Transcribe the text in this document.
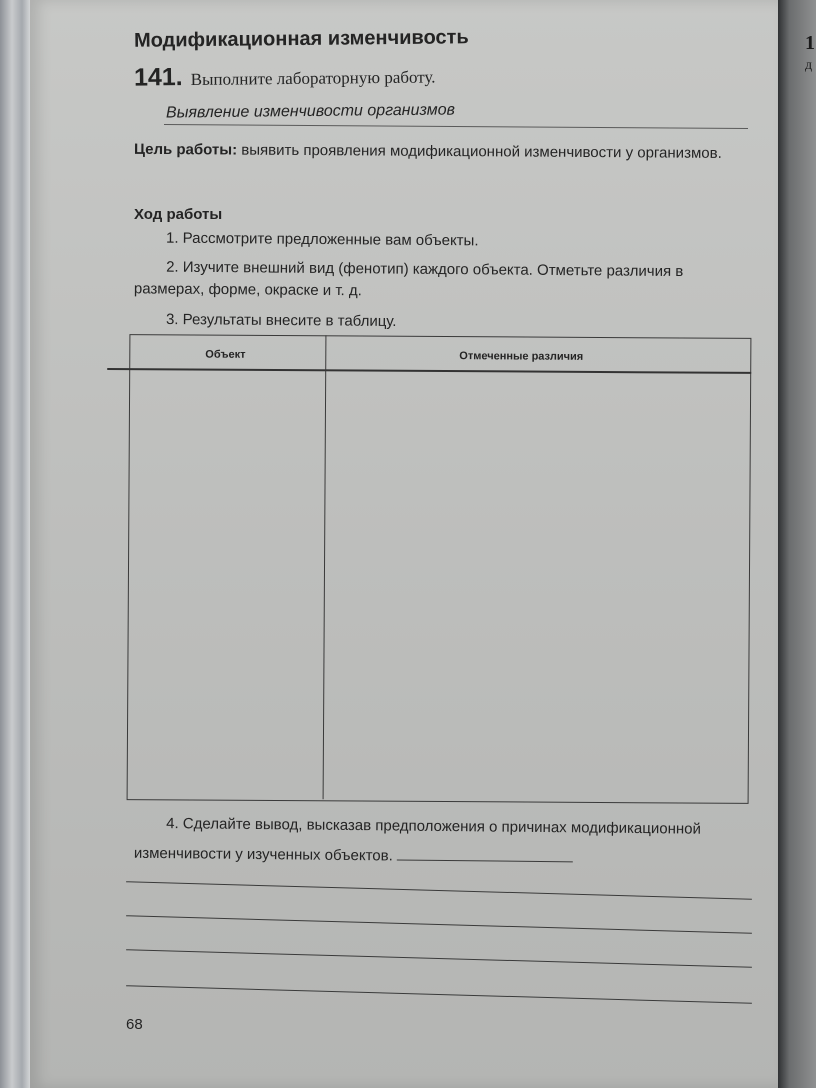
Модификационная изменчивость
141. Выполните лабораторную работу.
Выявление изменчивости организмов
Цель работы: выявить проявления модификационной изменчивости у организмов.
Ход работы
1. Рассмотрите предложенные вам объекты.
2. Изучите внешний вид (фенотип) каждого объекта. Отметьте различия в размерах, форме, окраске и т. д.
3. Результаты внесите в таблицу.
Объект	Отмеченные различия
4. Сделайте вывод, высказав предположения о причинах модификационной изменчивости у изученных объектов.
68
1
д
